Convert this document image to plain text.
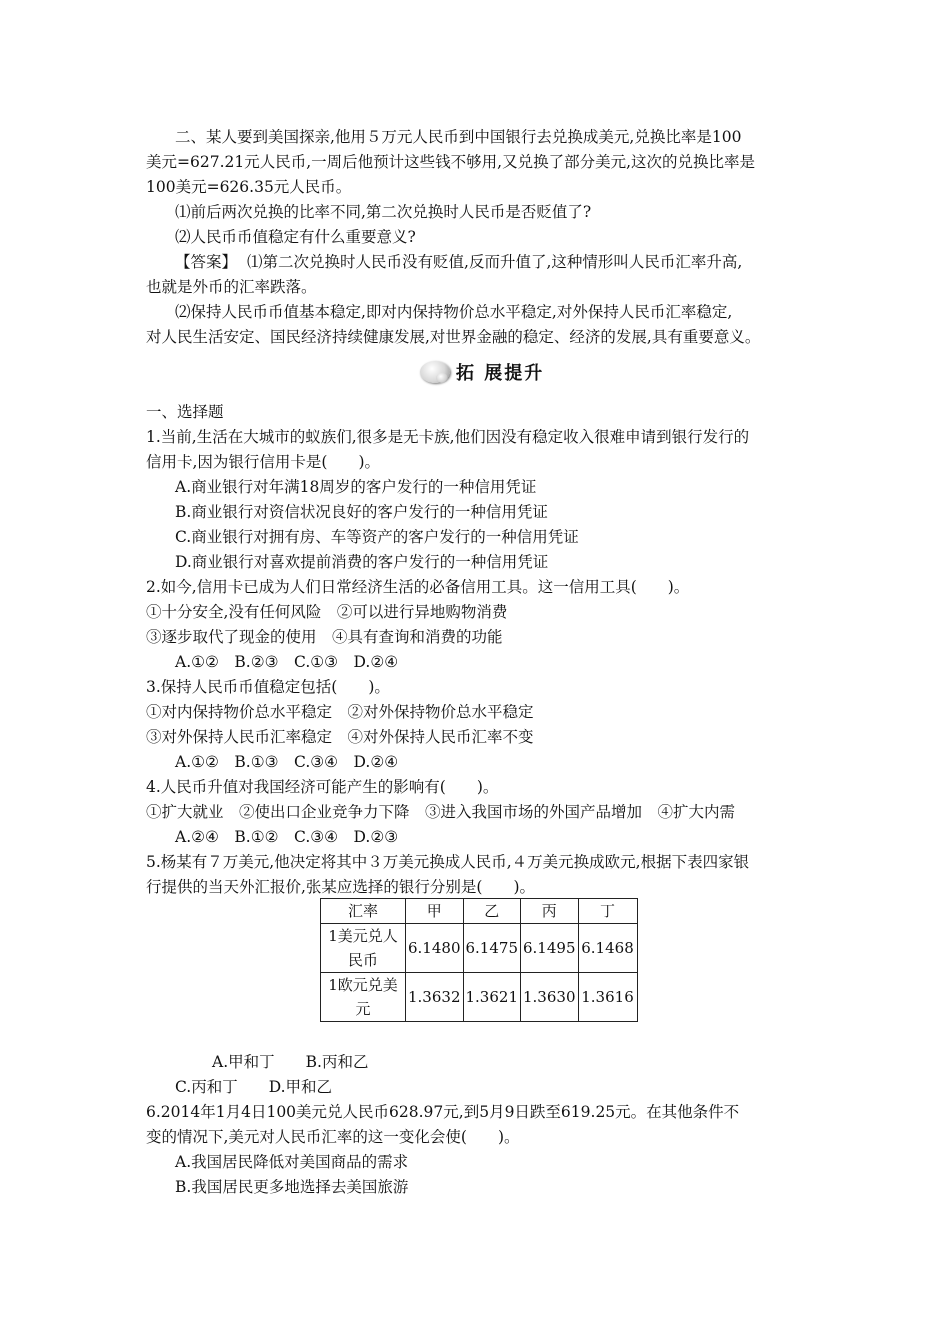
二、某人要到美国探亲,他用５万元人民币到中国银行去兑换成美元,兑换比率是100
美元=627.21元人民币,一周后他预计这些钱不够用,又兑换了部分美元,这次的兑换比率是
100美元=626.35元人民币。
⑴前后两次兑换的比率不同,第二次兑换时人民币是否贬值了?
⑵人民币币值稳定有什么重要意义?
【答案】 ⑴第二次兑换时人民币没有贬值,反而升值了,这种情形叫人民币汇率升高,
也就是外币的汇率跌落。
⑵保持人民币币值基本稳定,即对内保持物价总水平稳定,对外保持人民币汇率稳定,
对人民生活安定、国民经济持续健康发展,对世界金融的稳定、经济的发展,具有重要意义。
拓 展提升
一、选择题
1.当前,生活在大城市的蚁族们,很多是无卡族,他们因没有稳定收入很难申请到银行发行的
信用卡,因为银行信用卡是(　　)。
A.商业银行对年满18周岁的客户发行的一种信用凭证
B.商业银行对资信状况良好的客户发行的一种信用凭证
C.商业银行对拥有房、车等资产的客户发行的一种信用凭证
D.商业银行对喜欢提前消费的客户发行的一种信用凭证
2.如今,信用卡已成为人们日常经济生活的必备信用工具。这一信用工具(　　)。
①十分安全,没有任何风险　②可以进行异地购物消费
③逐步取代了现金的使用　④具有查询和消费的功能
A.①②　B.②③　C.①③　D.②④
3.保持人民币币值稳定包括(　　)。
①对内保持物价总水平稳定　②对外保持物价总水平稳定
③对外保持人民币汇率稳定　④对外保持人民币汇率不变
A.①②　B.①③　C.③④　D.②④
4.人民币升值对我国经济可能产生的影响有(　　)。
①扩大就业　②使出口企业竞争力下降　③进入我国市场的外国产品增加　④扩大内需
A.②④　B.①②　C.③④　D.②③
5.杨某有７万美元,他决定将其中３万美元换成人民币,４万美元换成欧元,根据下表四家银
行提供的当天外汇报价,张某应选择的银行分别是(　　)。
汇率	甲	乙	丙	丁
1美元兑人
民币	6.1480	6.1475	6.1495	6.1468
1欧元兑美
元	1.3632	1.3621	1.3630	1.3616
A.甲和丁　　B.丙和乙
C.丙和丁　　D.甲和乙
6.2014年1月4日100美元兑人民币628.97元,到5月9日跌至619.25元。在其他条件不
变的情况下,美元对人民币汇率的这一变化会使(　　)。
A.我国居民降低对美国商品的需求
B.我国居民更多地选择去美国旅游
